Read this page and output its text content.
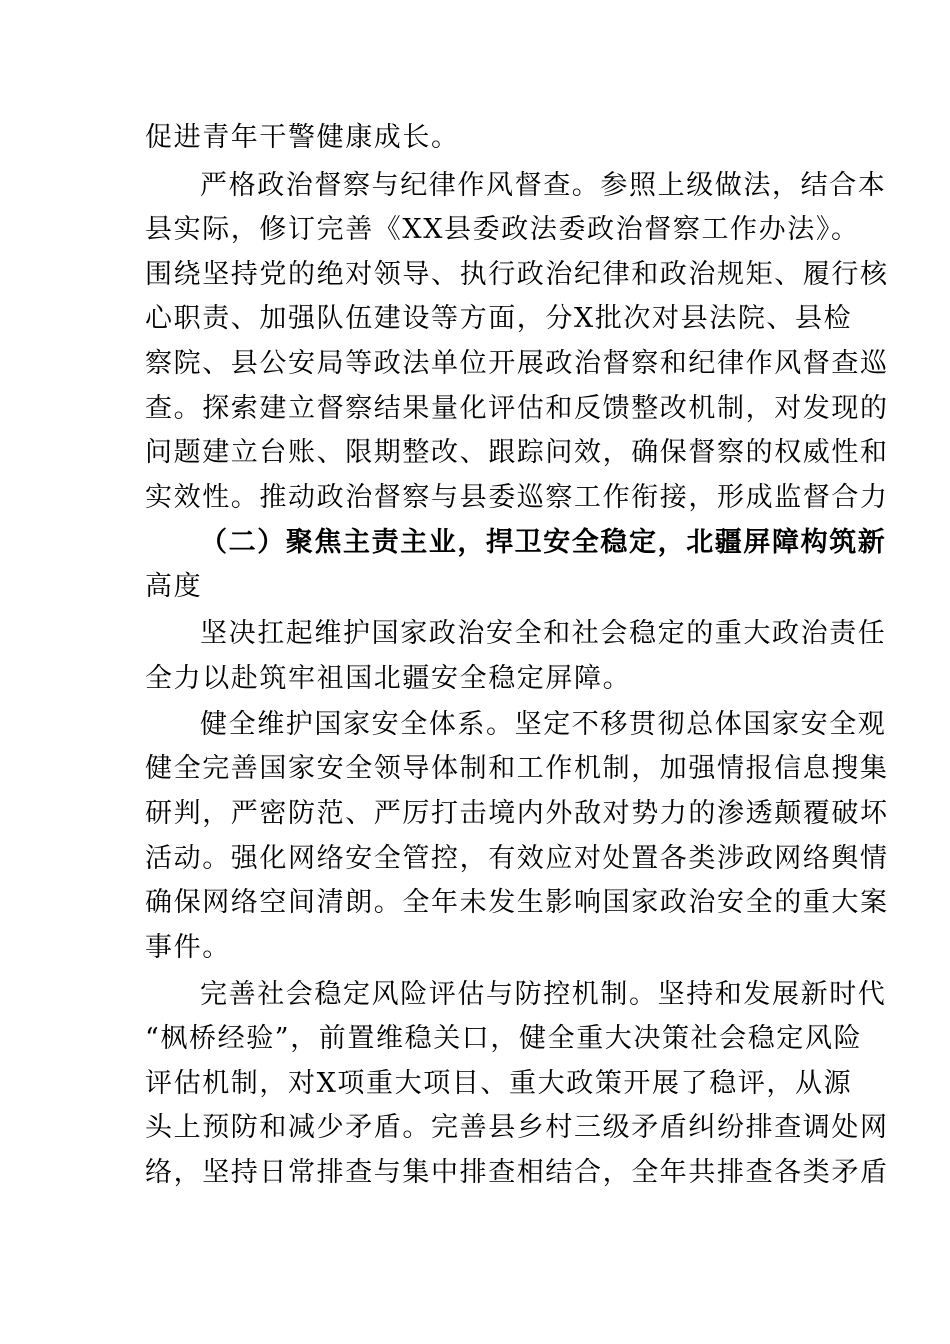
促进青年干警健康成长。
严格政治督察与纪律作风督查。参照上级做法，结合本
县实际，修订完善《XX县委政法委政治督察工作办法》。
围绕坚持党的绝对领导、执行政治纪律和政治规矩、履行核
心职责、加强队伍建设等方面，分X批次对县法院、县检
察院、县公安局等政法单位开展政治督察和纪律作风督查巡
查。探索建立督察结果量化评估和反馈整改机制，对发现的
问题建立台账、限期整改、跟踪问效，确保督察的权威性和
实效性。推动政治督察与县委巡察工作衔接，形成监督合力
（二）聚焦主责主业，捍卫安全稳定，北疆屏障构筑新
高度
坚决扛起维护国家政治安全和社会稳定的重大政治责任
全力以赴筑牢祖国北疆安全稳定屏障。
健全维护国家安全体系。坚定不移贯彻总体国家安全观
健全完善国家安全领导体制和工作机制，加强情报信息搜集
研判，严密防范、严厉打击境内外敌对势力的渗透颠覆破坏
活动。强化网络安全管控，有效应对处置各类涉政网络舆情
确保网络空间清朗。全年未发生影响国家政治安全的重大案
事件。
完善社会稳定风险评估与防控机制。坚持和发展新时代
“枫桥经验”，前置维稳关口，健全重大决策社会稳定风险
评估机制，对X项重大项目、重大政策开展了稳评，从源
头上预防和减少矛盾。完善县乡村三级矛盾纠纷排查调处网
络，坚持日常排查与集中排查相结合，全年共排查各类矛盾
